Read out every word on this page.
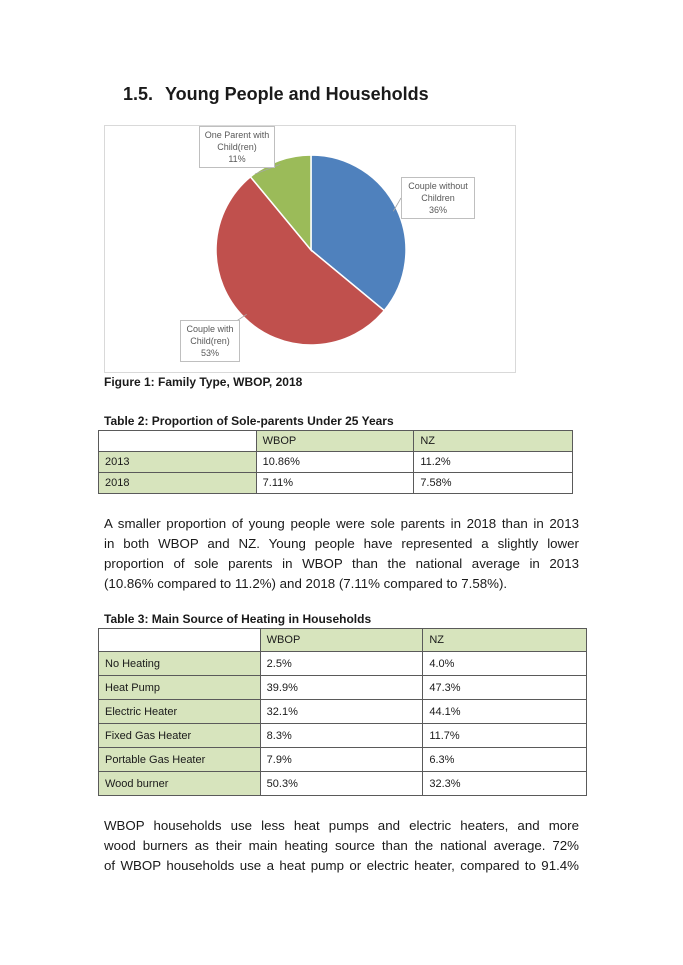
1.5. Young People and Households
Couple without
Children
36%
One Parent with
Child(ren)
11%
Couple with
Child(ren)
53%
Figure 1: Family Type, WBOP, 2018
Table 2: Proportion of Sole-parents Under 25 Years
	WBOP	NZ
2013	10.86%	11.2%
2018	7.11%	7.58%
A smaller proportion of young people were sole parents in 2018 than in 2013
in both WBOP and NZ. Young people have represented a slightly lower
proportion of sole parents in WBOP than the national average in 2013
(10.86% compared to 11.2%) and 2018 (7.11% compared to 7.58%).
Table 3: Main Source of Heating in Households
	WBOP	NZ
No Heating	2.5%	4.0%
Heat Pump	39.9%	47.3%
Electric Heater	32.1%	44.1%
Fixed Gas Heater	8.3%	11.7%
Portable Gas Heater	7.9%	6.3%
Wood burner	50.3%	32.3%
WBOP households use less heat pumps and electric heaters, and more
wood burners as their main heating source than the national average. 72%
of WBOP households use a heat pump or electric heater, compared to 91.4%
